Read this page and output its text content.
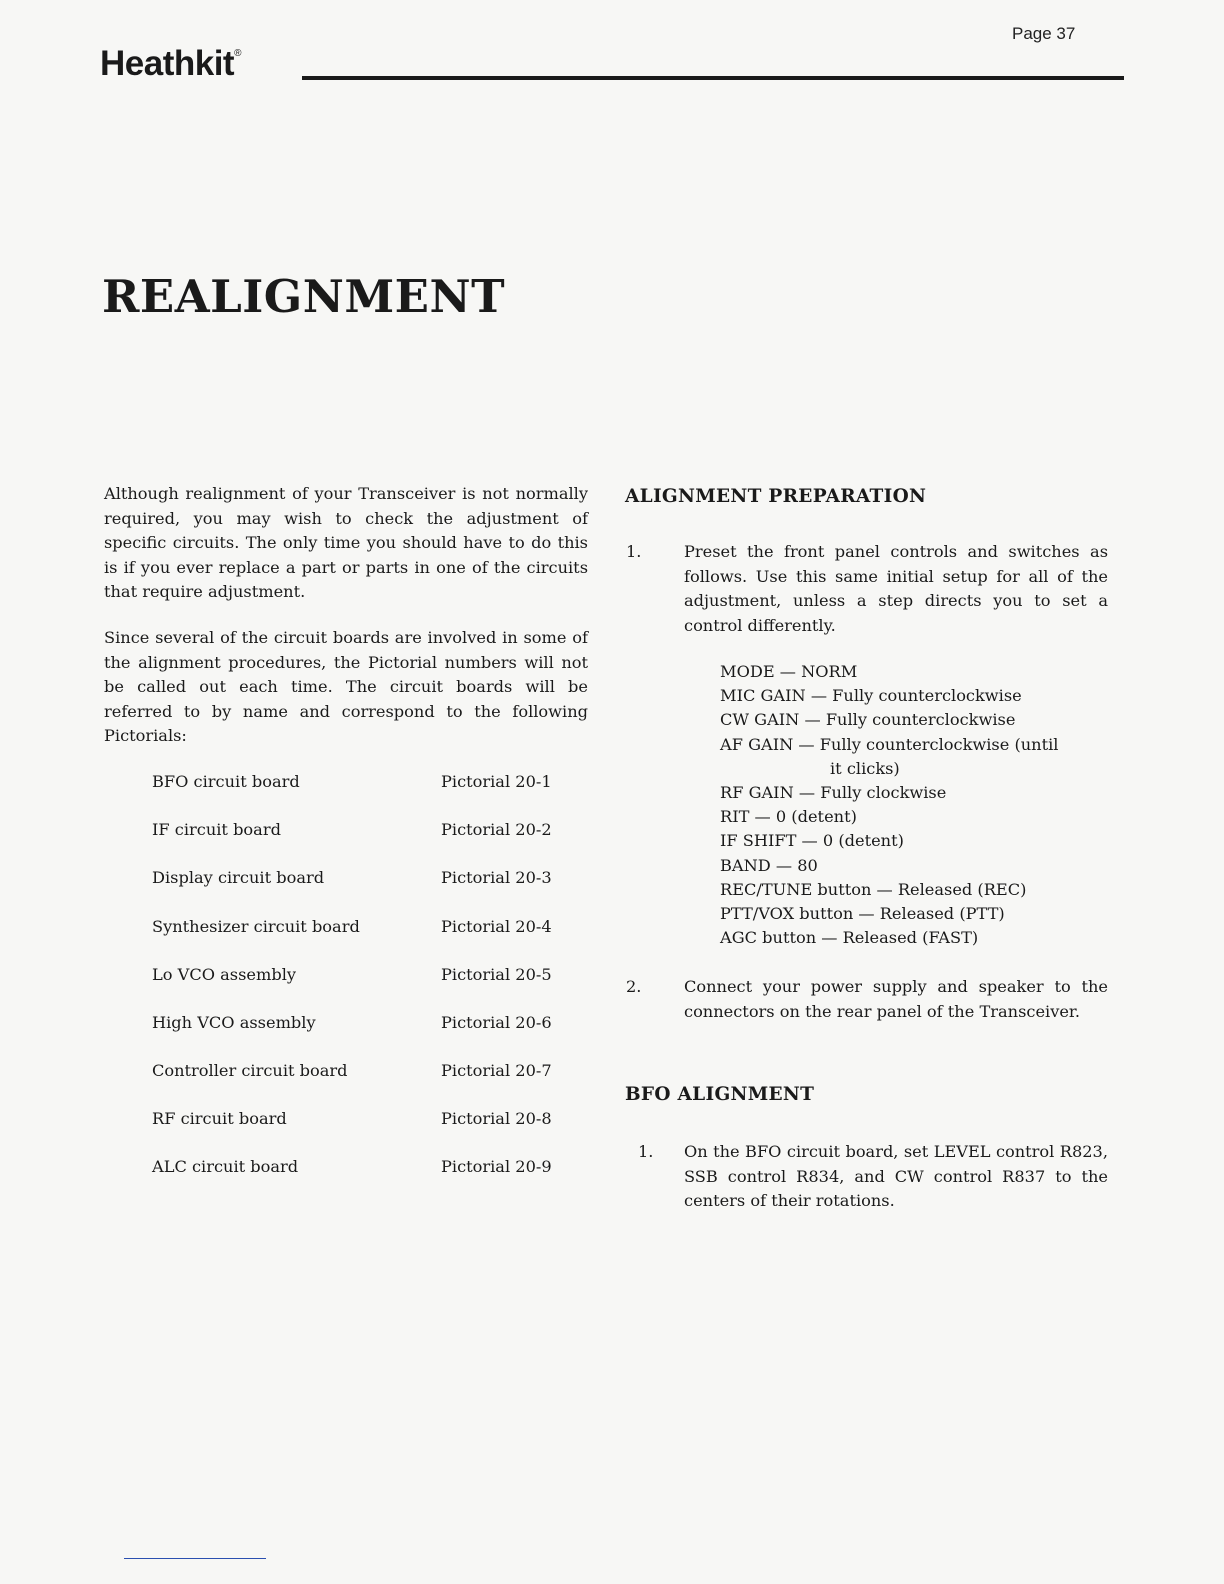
Page 37
Heathkit®
REALIGNMENT

Although realignment of your Transceiver is not normally required, you may wish to check the adjustment of specific circuits. The only time you should have to do this is if you ever replace a part or parts in one of the circuits that require adjustment.

Since several of the circuit boards are involved in some of the alignment procedures, the Pictorial numbers will not be called out each time. The circuit boards will be referred to by name and correspond to the following Pictorials:

BFO circuit board	Pictorial 20-1
IF circuit board	Pictorial 20-2
Display circuit board	Pictorial 20-3
Synthesizer circuit board	Pictorial 20-4
Lo VCO assembly	Pictorial 20-5
High VCO assembly	Pictorial 20-6
Controller circuit board	Pictorial 20-7
RF circuit board	Pictorial 20-8
ALC circuit board	Pictorial 20-9
ALIGNMENT PREPARATION
1.	Preset the front panel controls and switches as follows. Use this same initial setup for all of the adjustment, unless a step directs you to set a control differently.
MODE — NORM
MIC GAIN — Fully counterclockwise
CW GAIN — Fully counterclockwise
AF GAIN — Fully counterclockwise (until
it clicks)
RF GAIN — Fully clockwise
RIT — 0 (detent)
IF SHIFT — 0 (detent)
BAND — 80
REC/TUNE button — Released (REC)
PTT/VOX button — Released (PTT)
AGC button — Released (FAST)
2.	Connect your power supply and speaker to the connectors on the rear panel of the Transceiver.
BFO ALIGNMENT
1. On the BFO circuit board, set LEVEL control R823, SSB control R834, and CW control R837 to the centers of their rotations.
